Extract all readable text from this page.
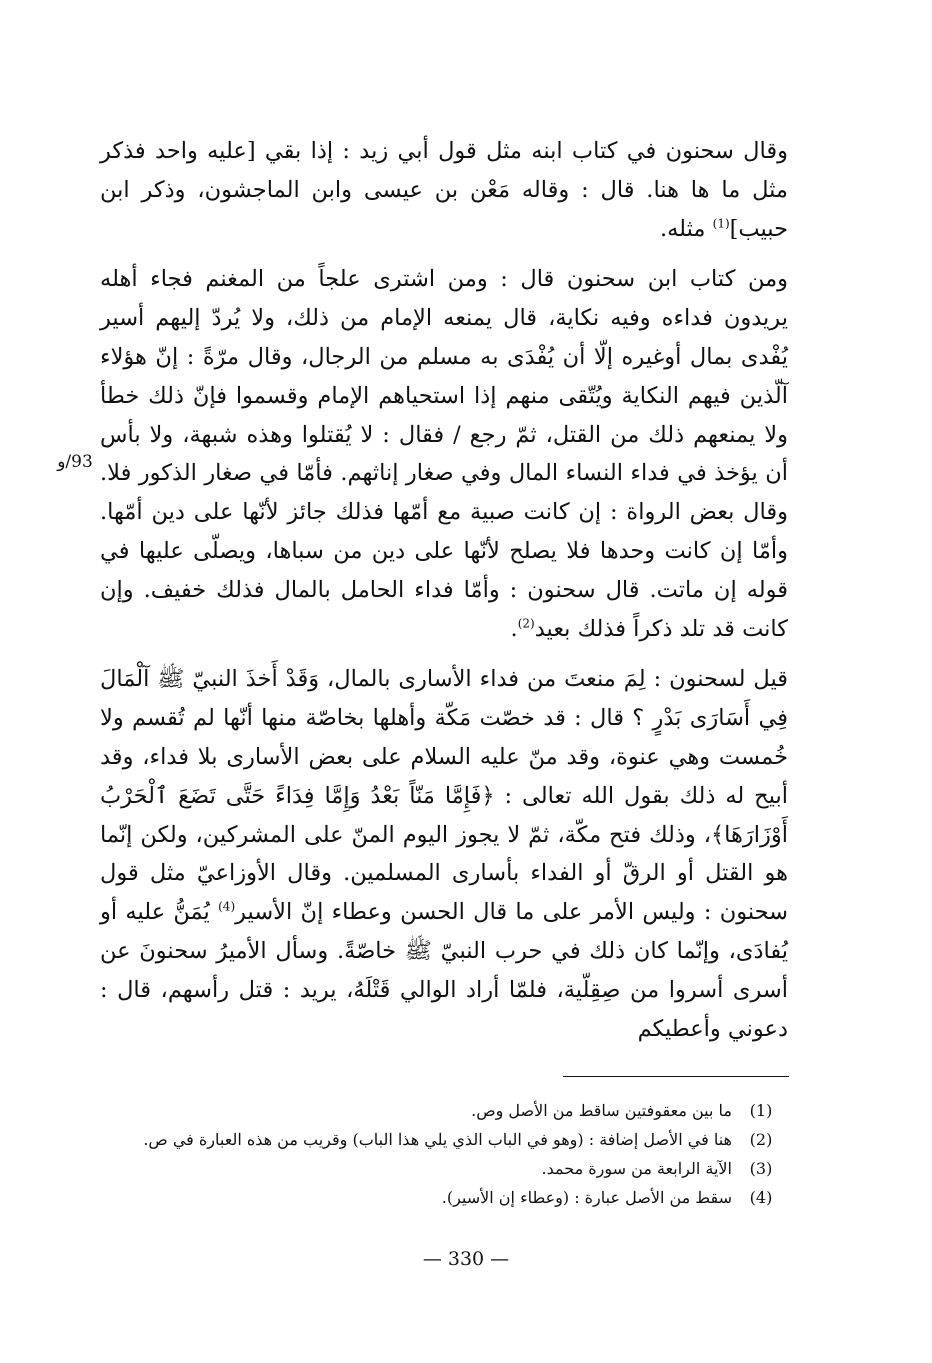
وقال سحنون في كتاب ابنه مثل قول أبي زيد : إذا بقي [عليه واحد فذكر مثل ما ها هنا. قال : وقاله مَعْن بن عيسى وابن الماجشون، وذكر ابن حبيب]$^{(1)}$ مثله.

ومن كتاب ابن سحنون قال : ومن اشترى علجاً من المغنم فجاء أهله يريدون فداءه وفيه نكاية، قال يمنعه الإمام من ذلك، ولا يُردّ إليهم أسير يُفْدى بمال أوغيره إلّا أن يُفْدَى به مسلم من الرجال، وقال مرّةً : إنّ هؤلاء آلّذين فيهم النكاية ويُتّقى منهم إذا استحياهم الإمام وقسموا فإنّ ذلك خطأ ولا يمنعهم ذلك من القتل، ثمّ رجع / فقال : لا يُقتلوا وهذه شبهة، ولا بأس أن يؤخذ في فداء النساء المال وفي صغار إناثهم. فأمّا في صغار الذكور فلا. وقال بعض الرواة : إن كانت صبية مع أمّها فذلك جائز لأنّها على دين أمّها. وأمّا إن كانت وحدها فلا يصلح لأنّها على دين من سباها، ويصلّى عليها في قوله إن ماتت. قال سحنون : وأمّا فداء الحامل بالمال فذلك خفيف. وإن كانت قد تلد ذكراً فذلك بعيد$^{(2)}$.

قيل لسحنون : لِمَ منعتَ من فداء الأسارى بالمال، وَقَدْ أَخذَ النبيّ ﷺ آلْمَالَ فِي أَسَارَى بَدْرٍ ؟ قال : قد خصّت مَكّة وأهلها بخاصّة منها أنّها لم تُقسم ولا خُمست وهي عنوة، وقد منّ عليه السلام على بعض الأسارى بلا فداء، وقد أبيح له ذلك بقول الله تعالى : ﴿فَإِمَّا مَنّاً بَعْدُ وَإِمَّا فِدَاءً حَتَّى تَضَعَ ٱلْحَرْبُ أَوْزَارَهَا﴾، وذلك فتح مكّة، ثمّ لا يجوز اليوم المنّ على المشركين، ولكن إنّما هو القتل أو الرقّ أو الفداء بأسارى المسلمين. وقال الأوزاعيّ مثل قول سحنون : وليس الأمر على ما قال الحسن وعطاء إنّ الأسير$^{(4)}$ يُمَنُّ عليه أو يُفادَى، وإنّما كان ذلك في حرب النبيّ ﷺ خاصّةً. وسأل الأميرُ سحنونَ عن أسرى أسروا من صِقِلّية، فلمّا أراد الوالي قَتْلَهُ، يريد : قتل رأسهم، قال : دعوني وأعطيكم

93/و
(1)
ما بين معقوفتين ساقط من الأصل وص.
(2)
هنا في الأصل إضافة : (وهو في الباب الذي يلي هذا الباب) وقريب من هذه العبارة في ص.
(3)
الآية الرابعة من سورة محمد.
(4)
سقط من الأصل عبارة : (وعطاء إن الأسير).
— 330 —
